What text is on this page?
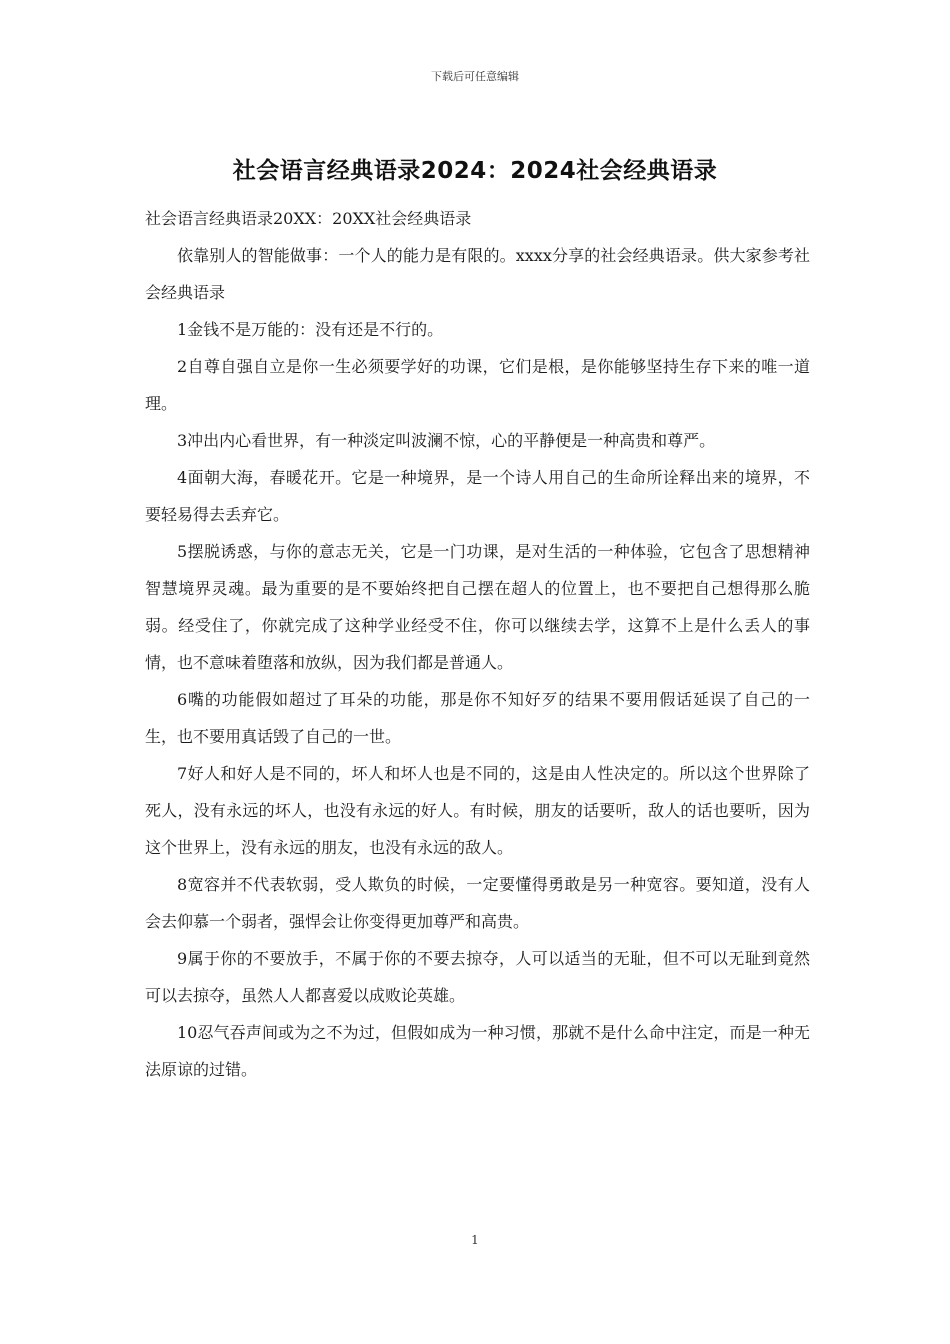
下载后可任意编辑
社会语言经典语录2024：2024社会经典语录

社会语言经典语录20XX：20XX社会经典语录

依靠别人的智能做事：一个人的能力是有限的。xxxx分享的社会经典语录。供大家参考社会经典语录

1金钱不是万能的：没有还是不行的。

2自尊自强自立是你一生必须要学好的功课，它们是根，是你能够坚持生存下来的唯一道理。

3冲出内心看世界，有一种淡定叫波澜不惊，心的平静便是一种高贵和尊严。

4面朝大海，春暖花开。它是一种境界，是一个诗人用自己的生命所诠释出来的境界，不要轻易得去丢弃它。

5摆脱诱惑，与你的意志无关，它是一门功课，是对生活的一种体验，它包含了思想精神智慧境界灵魂。最为重要的是不要始终把自己摆在超人的位置上，也不要把自己想得那么脆弱。经受住了，你就完成了这种学业经受不住，你可以继续去学，这算不上是什么丢人的事情，也不意味着堕落和放纵，因为我们都是普通人。

6嘴的功能假如超过了耳朵的功能，那是你不知好歹的结果不要用假话延误了自己的一生，也不要用真话毁了自己的一世。

7好人和好人是不同的，坏人和坏人也是不同的，这是由人性决定的。所以这个世界除了死人，没有永远的坏人，也没有永远的好人。有时候，朋友的话要听，敌人的话也要听，因为这个世界上，没有永远的朋友，也没有永远的敌人。

8宽容并不代表软弱，受人欺负的时候，一定要懂得勇敢是另一种宽容。要知道，没有人会去仰慕一个弱者，强悍会让你变得更加尊严和高贵。

9属于你的不要放手，不属于你的不要去掠夺，人可以适当的无耻，但不可以无耻到竟然可以去掠夺，虽然人人都喜爱以成败论英雄。

10忍气吞声间或为之不为过，但假如成为一种习惯，那就不是什么命中注定，而是一种无法原谅的过错。

1
